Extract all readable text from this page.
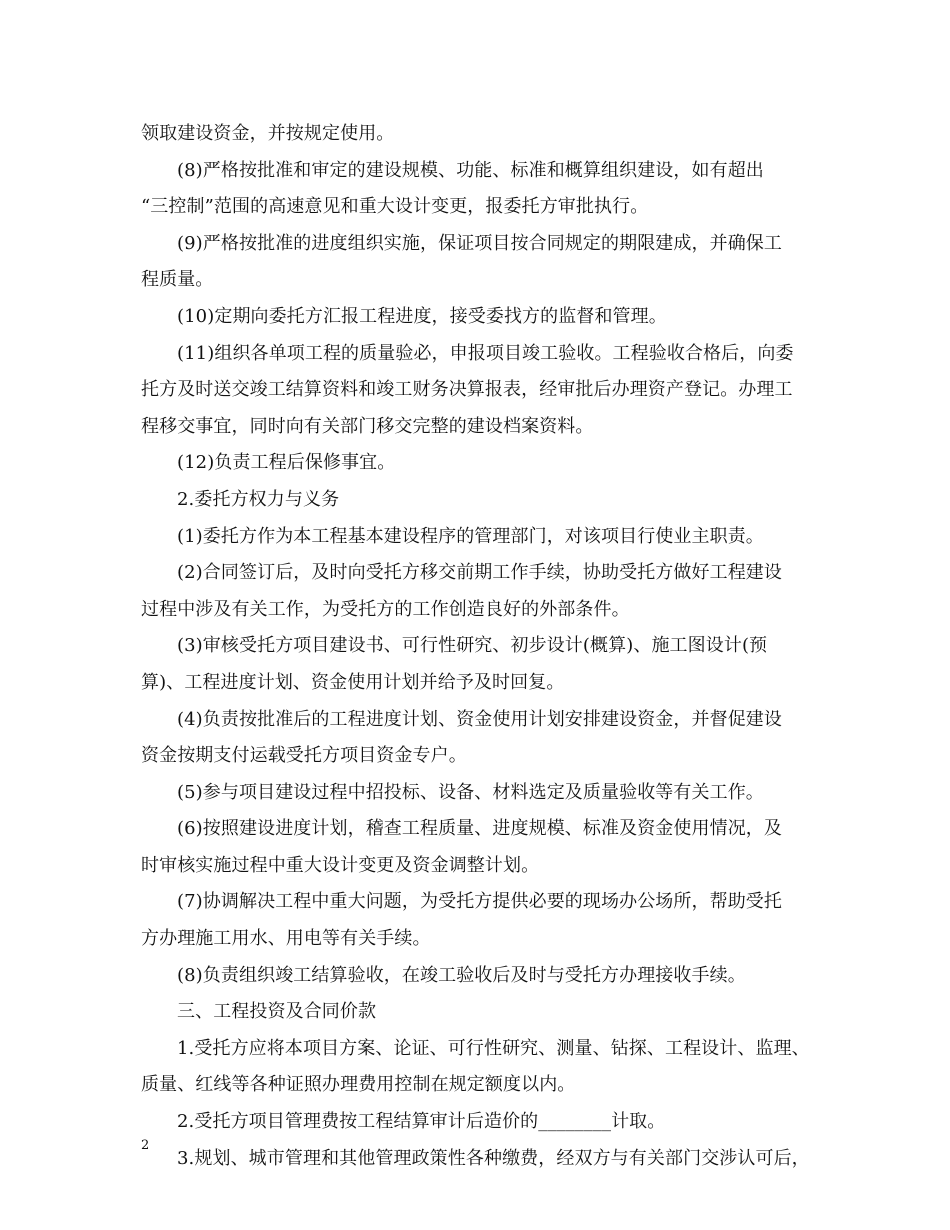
领取建设资金，并按规定使用。
(8)严格按批准和审定的建设规模、功能、标准和概算组织建设，如有超出
“三控制”范围的高速意见和重大设计变更，报委托方审批执行。
(9)严格按批准的进度组织实施，保证项目按合同规定的期限建成，并确保工
程质量。
(10)定期向委托方汇报工程进度，接受委找方的监督和管理。
(11)组织各单项工程的质量验必，申报项目竣工验收。工程验收合格后，向委
托方及时送交竣工结算资料和竣工财务决算报表，经审批后办理资产登记。办理工
程移交事宜，同时向有关部门移交完整的建设档案资料。
(12)负责工程后保修事宜。
2.委托方权力与义务
(1)委托方作为本工程基本建设程序的管理部门，对该项目行使业主职责。
(2)合同签订后，及时向受托方移交前期工作手续，协助受托方做好工程建设
过程中涉及有关工作，为受托方的工作创造良好的外部条件。
(3)审核受托方项目建设书、可行性研究、初步设计(概算)、施工图设计(预
算)、工程进度计划、资金使用计划并给予及时回复。
(4)负责按批准后的工程进度计划、资金使用计划安排建设资金，并督促建设
资金按期支付运载受托方项目资金专户。
(5)参与项目建设过程中招投标、设备、材料选定及质量验收等有关工作。
(6)按照建设进度计划，稽查工程质量、进度规模、标准及资金使用情况，及
时审核实施过程中重大设计变更及资金调整计划。
(7)协调解决工程中重大问题，为受托方提供必要的现场办公场所，帮助受托
方办理施工用水、用电等有关手续。
(8)负责组织竣工结算验收，在竣工验收后及时与受托方办理接收手续。
三、工程投资及合同价款
1.受托方应将本项目方案、论证、可行性研究、测量、钻探、工程设计、监理、
质量、红线等各种证照办理费用控制在规定额度以内。
2.受托方项目管理费按工程结算审计后造价的________计取。
3.规划、城市管理和其他管理政策性各种缴费，经双方与有关部门交涉认可后，
2
